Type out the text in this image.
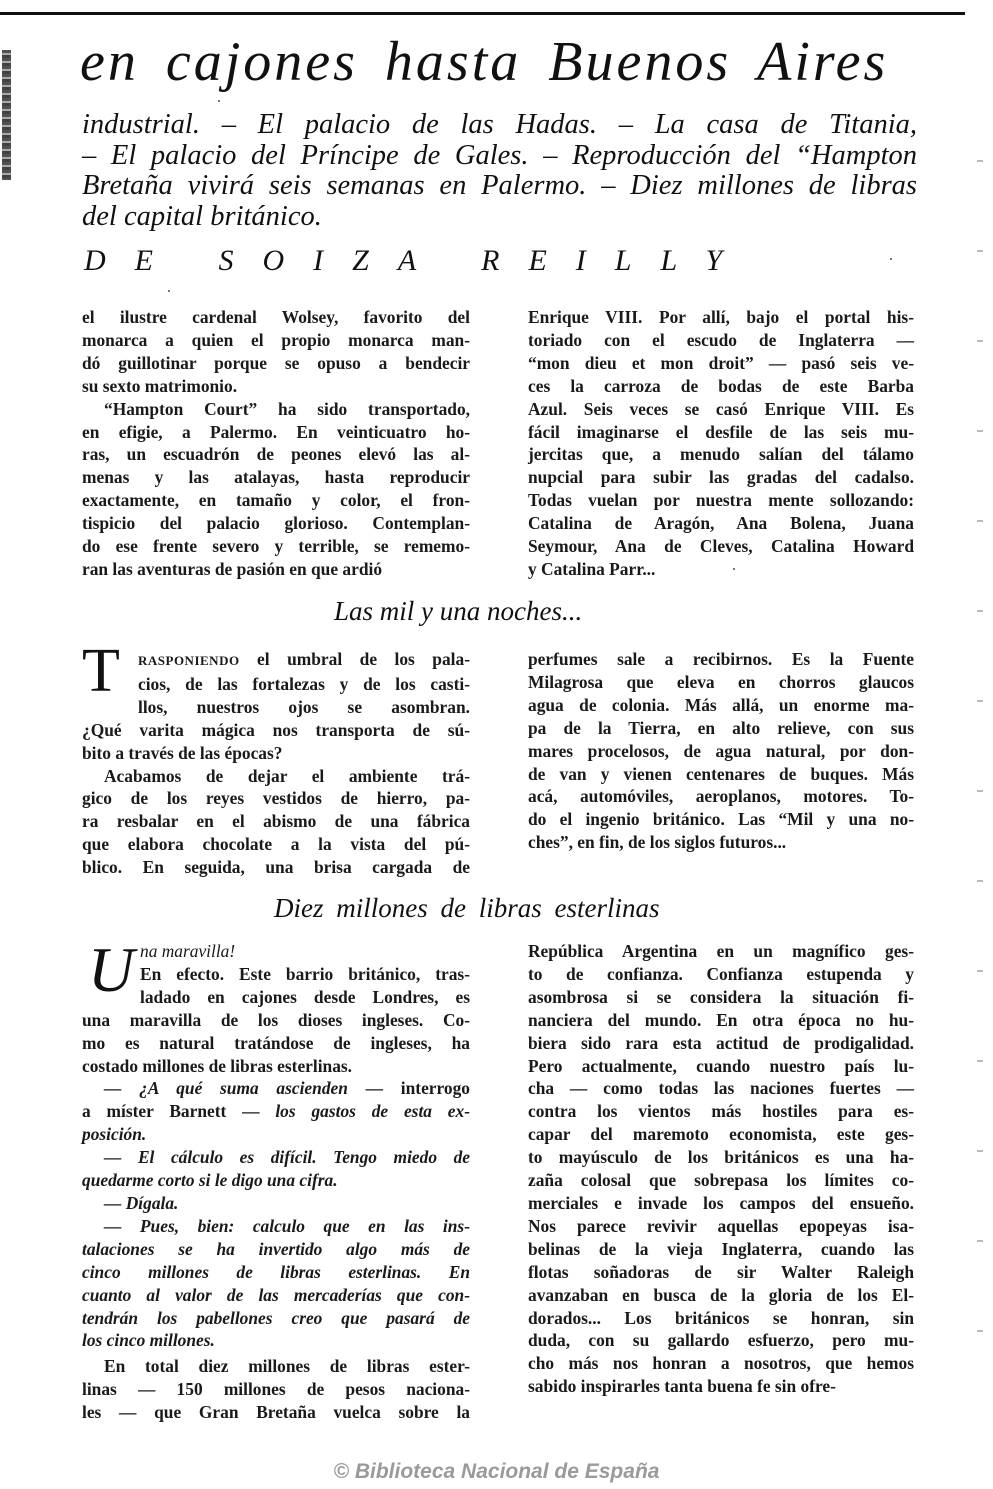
en cajones hasta Buenos Aires
industrial. – El palacio de las Hadas. – La casa de Titania,
– El palacio del Príncipe de Gales. – Reproducción del “Hampton
Bretaña vivirá seis semanas en Palermo. – Diez millones de libras
del capital británico.
DE SOIZA REILLY
el ilustre cardenal Wolsey, favorito del
monarca a quien el propio monarca man-
dó guillotinar porque se opuso a bendecir
su sexto matrimonio.
“Hampton Court” ha sido transportado,
en efigie, a Palermo. En veinticuatro ho-
ras, un escuadrón de peones elevó las al-
menas y las atalayas, hasta reproducir
exactamente, en tamaño y color, el fron-
tispicio del palacio glorioso. Contemplan-
do ese frente severo y terrible, se rememo-
ran las aventuras de pasión en que ardió
Enrique VIII. Por allí, bajo el portal his-
toriado con el escudo de Inglaterra —
“mon dieu et mon droit” — pasó seis ve-
ces la carroza de bodas de este Barba
Azul. Seis veces se casó Enrique VIII. Es
fácil imaginarse el desfile de las seis mu-
jercitas que, a menudo salían del tálamo
nupcial para subir las gradas del cadalso.
Todas vuelan por nuestra mente sollozando:
Catalina de Aragón, Ana Bolena, Juana
Seymour, Ana de Cleves, Catalina Howard
y Catalina Parr...
Las mil y una noches...
T RASPONIENDO el umbral de los pala-
cios, de las fortalezas y de los casti-
llos, nuestros ojos se asombran.
¿Qué varita mágica nos transporta de sú-
bito a través de las épocas?
Acabamos de dejar el ambiente trá-
gico de los reyes vestidos de hierro, pa-
ra resbalar en el abismo de una fábrica
que elabora chocolate a la vista del pú-
blico. En seguida, una brisa cargada de
perfumes sale a recibirnos. Es la Fuente
Milagrosa que eleva en chorros glaucos
agua de colonia. Más allá, un enorme ma-
pa de la Tierra, en alto relieve, con sus
mares procelosos, de agua natural, por don-
de van y vienen centenares de buques. Más
acá, automóviles, aeroplanos, motores. To-
do el ingenio británico. Las “Mil y una no-
ches”, en fin, de los siglos futuros...
Diez millones de libras esterlinas
U na maravilla!
En efecto. Este barrio británico, tras-
ladado en cajones desde Londres, es
una maravilla de los dioses ingleses. Co-
mo es natural tratándose de ingleses, ha
costado millones de libras esterlinas.
— ¿A qué suma ascienden — interrogo
a míster Barnett — los gastos de esta ex-
posición.
— El cálculo es difícil. Tengo miedo de
quedarme corto si le digo una cifra.
— Dígala.
— Pues, bien: calculo que en las ins-
talaciones se ha invertido algo más de
cinco millones de libras esterlinas. En
cuanto al valor de las mercaderías que con-
tendrán los pabellones creo que pasará de
los cinco millones.
En total diez millones de libras ester-
linas — 150 millones de pesos naciona-
les — que Gran Bretaña vuelca sobre la
República Argentina en un magnífico ges-
to de confianza. Confianza estupenda y
asombrosa si se considera la situación fi-
nanciera del mundo. En otra época no hu-
biera sido rara esta actitud de prodigalidad.
Pero actualmente, cuando nuestro país lu-
cha — como todas las naciones fuertes —
contra los vientos más hostiles para es-
capar del maremoto economista, este ges-
to mayúsculo de los británicos es una ha-
zaña colosal que sobrepasa los límites co-
merciales e invade los campos del ensueño.
Nos parece revivir aquellas epopeyas isa-
belinas de la vieja Inglaterra, cuando las
flotas soñadoras de sir Walter Raleigh
avanzaban en busca de la gloria de los El-
dorados... Los británicos se honran, sin
duda, con su gallardo esfuerzo, pero mu-
cho más nos honran a nosotros, que hemos
sabido inspirarles tanta buena fe sin ofre-
© Biblioteca Nacional de España
